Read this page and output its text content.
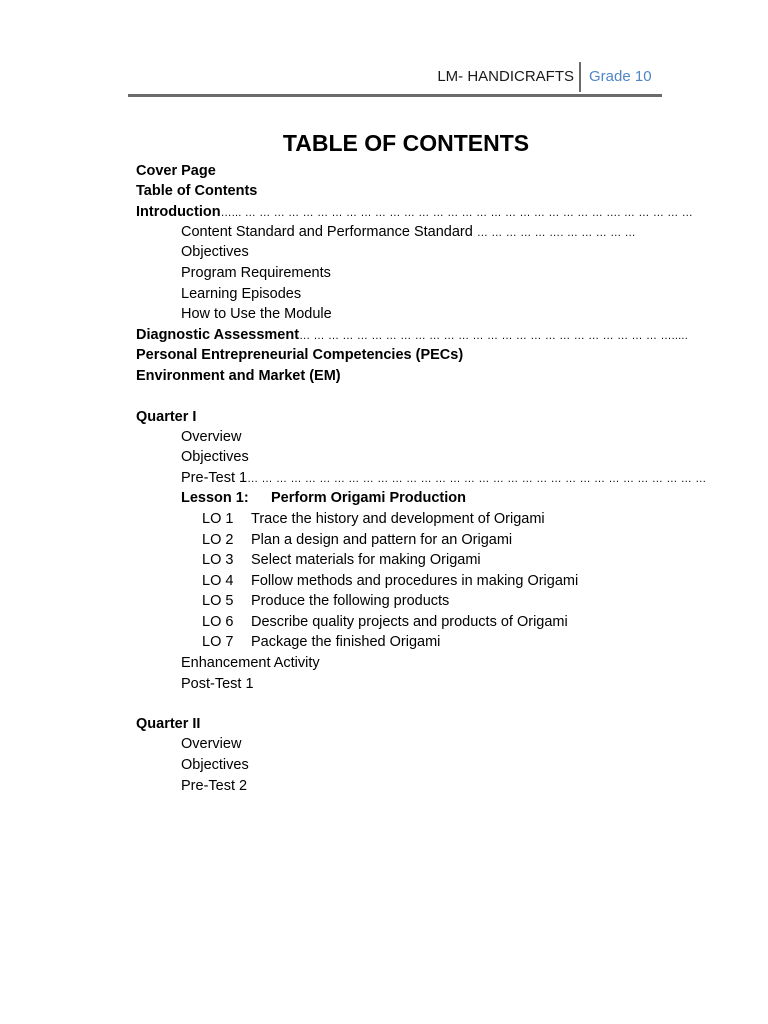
LM- HANDICRAFTS Grade 10
TABLE OF CONTENTS
Cover Page
Table of Contents
Introduction…... … … … … … … … … … … … … … … … … … … … … … … … … … …. … … … … …
Content Standard and Performance Standard … … … … … …. … … … … …
Objectives
Program Requirements
Learning Episodes
How to Use the Module
Diagnostic Assessment… … … … … … … … … … … … … … … … … … … … … … … … … ….....
Personal Entrepreneurial Competencies (PECs)
Environment and Market (EM)
Quarter I
Overview
Objectives
Pre-Test 1… … … … … … … … … … … … … … … … … … … … … … … … … … … … … … … …
Lesson 1: Perform Origami Production
LO 1 Trace the history and development of Origami
LO 2 Plan a design and pattern for an Origami
LO 3 Select materials for making Origami
LO 4 Follow methods and procedures in making Origami
LO 5 Produce the following products
LO 6 Describe quality projects and products of Origami
LO 7 Package the finished Origami
Enhancement Activity
Post-Test 1
Quarter II
Overview
Objectives
Pre-Test 2
